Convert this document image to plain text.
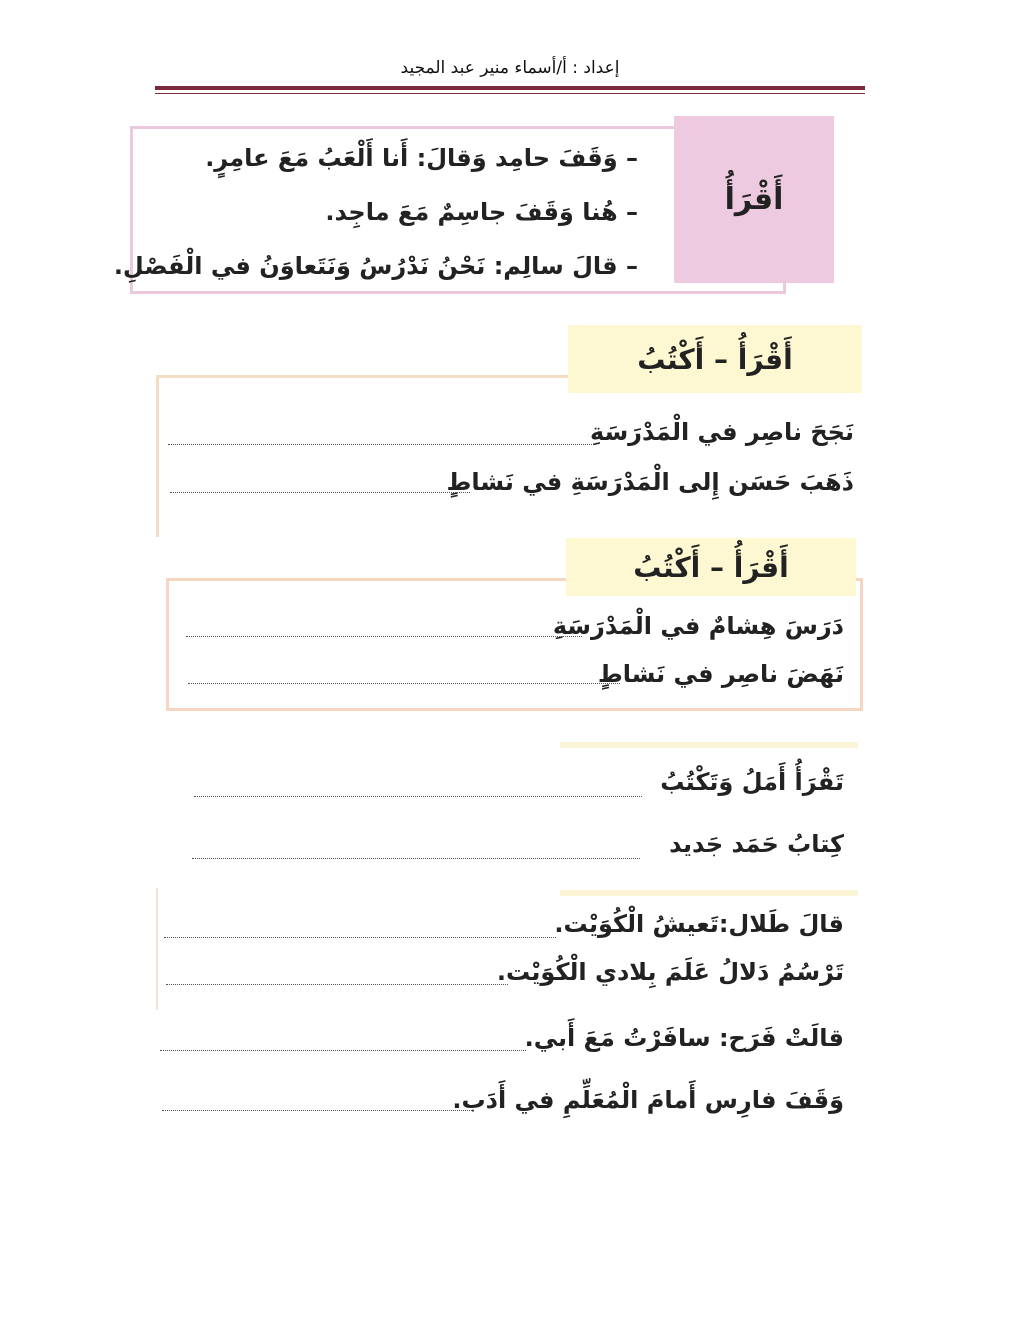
إعداد : أ/أسماء منير عبد المجيد
أَقْرَأُ
– وَقَفَ حامِد وَقالَ: أَنا أَلْعَبُ مَعَ عامِرٍ.
– هُنا وَقَفَ جاسِمٌ مَعَ ماجِد.
– قالَ سالِم: نَحْنُ نَدْرُسُ وَنَتَعاوَنُ في الْفَصْلِ.
أَقْرَأُ – أَكْتُبُ
نَجَحَ ناصِر في الْمَدْرَسَةِ
ذَهَبَ حَسَن إِلى الْمَدْرَسَةِ في نَشاطٍ
أَقْرَأُ – أَكْتُبُ
دَرَسَ هِشامٌ في الْمَدْرَسَةِ
نَهَضَ ناصِر في نَشاطٍ
تَقْرَأُ أَمَلُ وَتَكْتُبُ
كِتابُ حَمَد جَديد
قالَ طَلال:تَعيشُ الْكُوَيْت.
تَرْسُمُ دَلالُ عَلَمَ بِلادي الْكُوَيْت.
قالَتْ فَرَح: سافَرْتُ مَعَ أَبي.
وَقَفَ فارِس أَمامَ الْمُعَلِّمِ في أَدَب.
